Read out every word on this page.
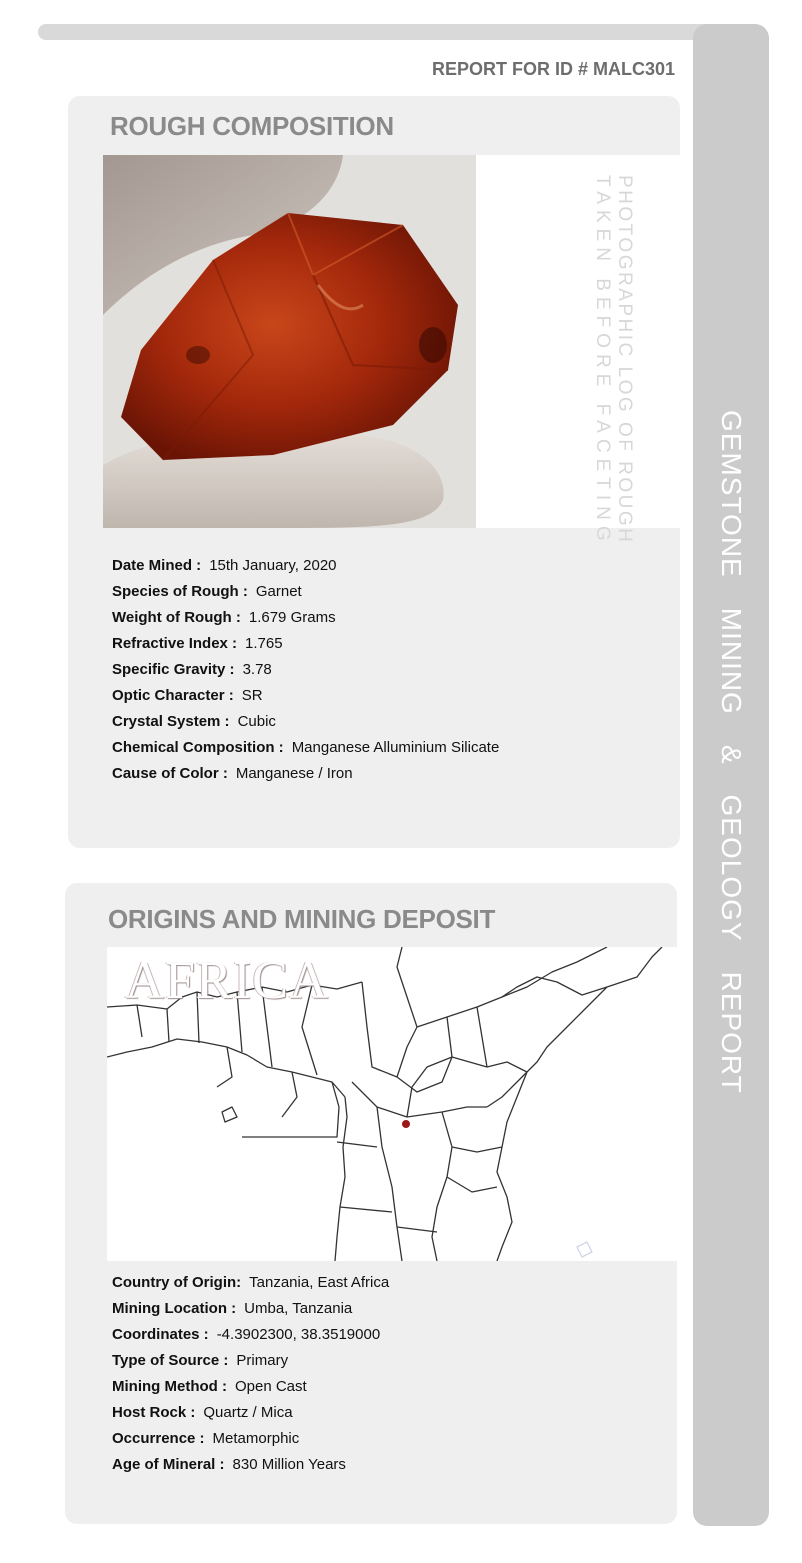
GEMSTONEMINING&GEOLOGYREPORT
REPORT FOR ID # MALC301
ROUGH COMPOSITION
PHOTOGRAPHIC LOG OF ROUGH
TAKEN BEFORE FACETING
Date Mined : 15th January, 2020
Species of Rough : Garnet
Weight of Rough : 1.679 Grams
Refractive Index : 1.765
Specific Gravity : 3.78
Optic Character : SR
Crystal System : Cubic
Chemical Composition : Manganese Alluminium Silicate
Cause of Color : Manganese / Iron
ORIGINS AND MINING DEPOSIT
AFRICA
Country of Origin: Tanzania, East Africa
Mining Location : Umba, Tanzania
Coordinates : -4.3902300, 38.3519000
Type of Source : Primary
Mining Method : Open Cast
Host Rock : Quartz / Mica
Occurrence : Metamorphic
Age of Mineral : 830 Million Years
